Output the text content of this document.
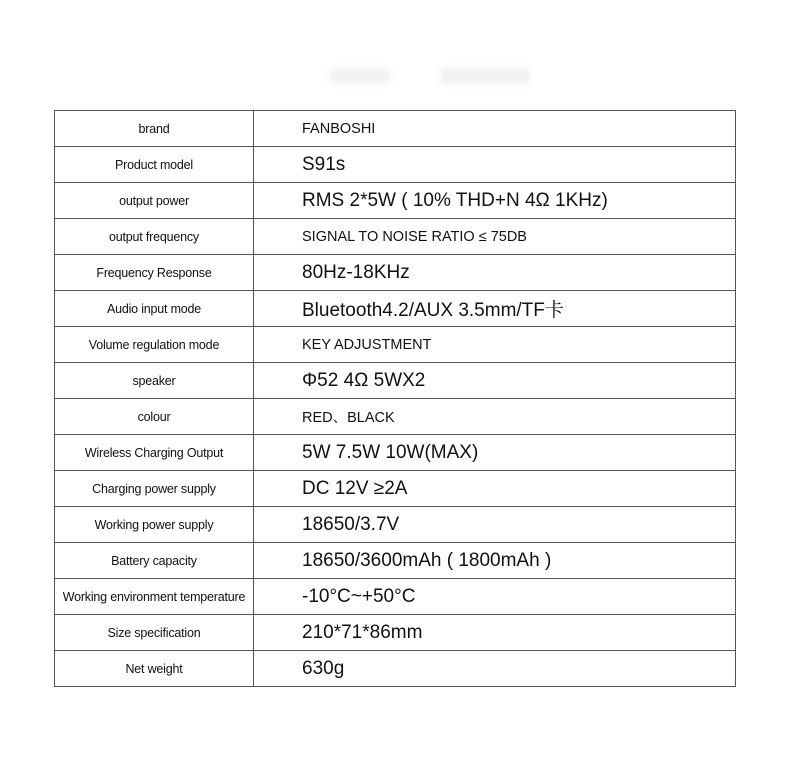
brand	FANBOSHI
Product model	S91s
output power	RMS 2*5W ( 10% THD+N 4Ω 1KHz)
output frequency	SIGNAL TO NOISE RATIO ≤ 75DB
Frequency Response	80Hz-18KHz
Audio input mode	Bluetooth4.2/AUX 3.5mm/TF卡
Volume regulation mode	KEY ADJUSTMENT
speaker	Φ52 4Ω 5WX2
colour	RED、BLACK
Wireless Charging Output	5W 7.5W 10W(MAX)
Charging power supply	DC 12V ≥2A
Working power supply	18650/3.7V
Battery capacity	18650/3600mAh ( 1800mAh )
Working environment temperature	-10°C~+50°C
Size specification	210*71*86mm
Net weight	630g
